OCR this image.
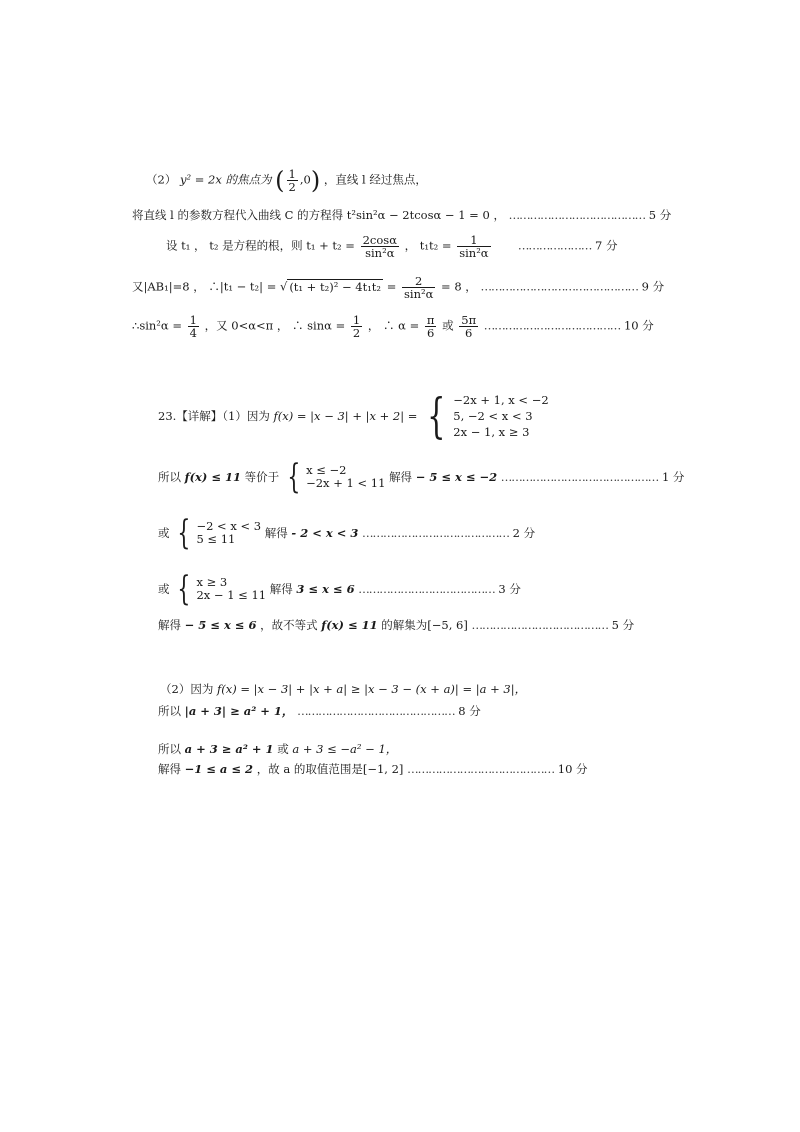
（2） y² = 2x 的焦点为 ( $\frac{1}{2} ,0$) ，直线 l 经过焦点，
将直线 l 的参数方程代入曲线 C 的方程得 t²sin²α − 2tcosα − 1 = 0 ， ………………………………… 5 分
设 t₁ ， t₂ 是方程的根，则 $t_1 + t_2 = \frac{2\cos\alpha}{\text{sin²α}}$ ， $t_1t_2 = \frac{1}{\text{sin²α}}$ ………………… 7 分
又|AB₁|=8 ， ∴|t₁ − t₂| = √ $(t_1 + t_2)^2 - 4t_1t_2 = \frac{2}{\text{sin²α}} = 8$ ， ……………………………………… 9 分
∴sin²α = $\frac{1}{4}$ ，又 0<α<π ， ∴ $\sin\alpha = \frac{1}{2}$ ， ∴ $\alpha = \frac{\pi}{6}$ 或 $\frac{5\pi}{6}$ ………………………………… 10 分
23.【详解】（1）因为 f(x) = |x − 3| + |x + 2| = { −2x + 1, x < −2
5, −2 < x < 3
2x − 1, x ≥ 3
所以 f(x) ≤ 11 等价于 { x ≤ −2
−2x + 1 < 11 解得 − 5 ≤ x ≤ −2 ……………………………………… 1 分
或 { −2 < x < 3
5 ≤ 11	解得 - 2 < x < 3 …………………………………… 2 分
或 { x ≥ 3
2x − 1 ≤ 11 解得 3 ≤ x ≤ 6 ………………………………… 3 分
解得 − 5 ≤ x ≤ 6 ，故不等式 f(x) ≤ 11 的解集为[−5, 6] ………………………………… 5 分
（2）因为 f(x) = |x − 3| + |x + a| ≥ |x − 3 − (x + a)| = |a + 3|，
所以 |a + 3| ≥ a² + 1， ……………………………………… 8 分
所以 a + 3 ≥ a² + 1 或 a + 3 ≤ −a² − 1，
解得 −1 ≤ a ≤ 2 ，故 a 的取值范围是[−1, 2] …………………………………… 10 分
